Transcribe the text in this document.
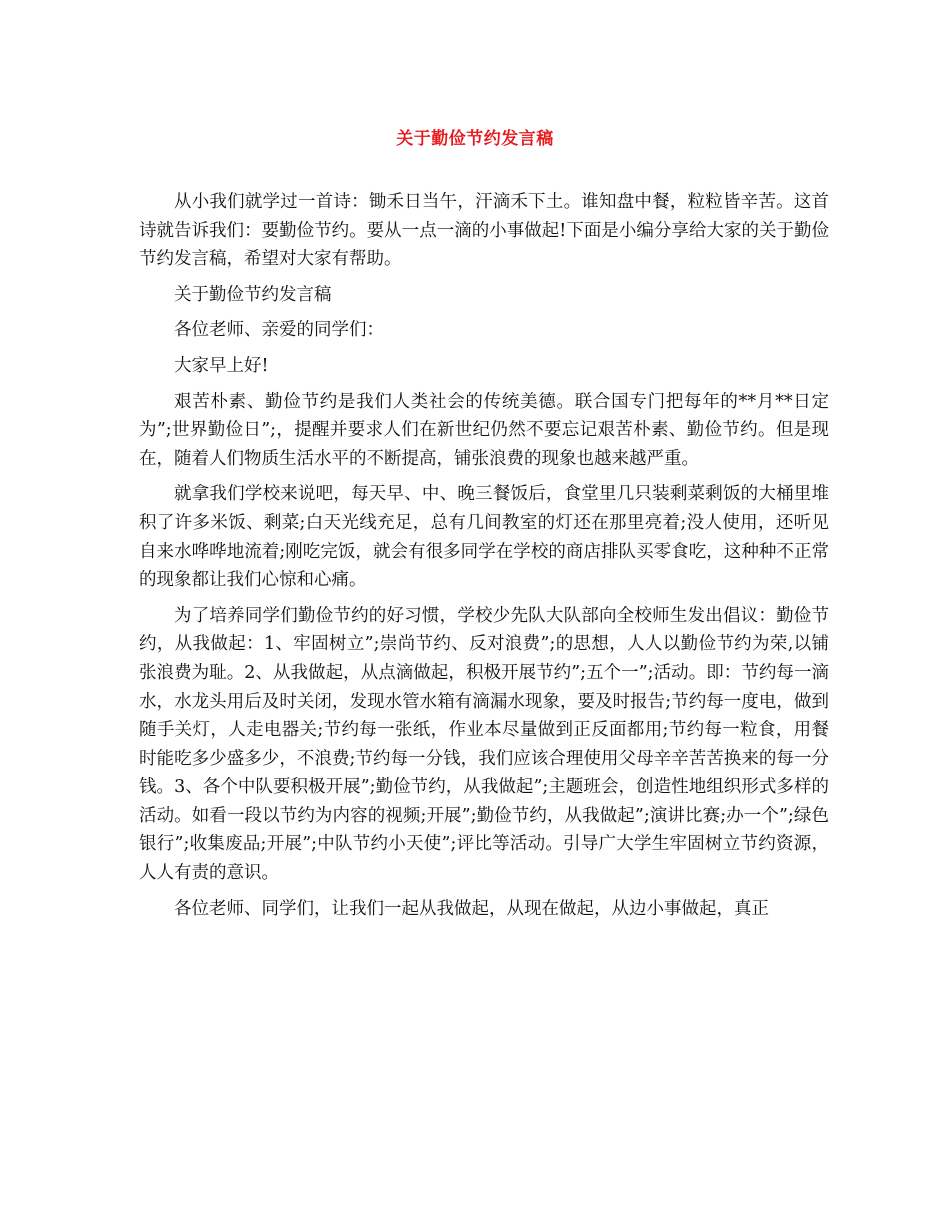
关于勤俭节约发言稿

从小我们就学过一首诗：锄禾日当午，汗滴禾下土。谁知盘中餐，粒粒皆辛苦。这首诗就告诉我们：要勤俭节约。要从一点一滴的小事做起!下面是小编分享给大家的关于勤俭节约发言稿，希望对大家有帮助。

关于勤俭节约发言稿

各位老师、亲爱的同学们：

大家早上好!

艰苦朴素、勤俭节约是我们人类社会的传统美德。联合国专门把每年的**月**日定为”;世界勤俭日”;，提醒并要求人们在新世纪仍然不要忘记艰苦朴素、勤俭节约。但是现在，随着人们物质生活水平的不断提高，铺张浪费的现象也越来越严重。

就拿我们学校来说吧，每天早、中、晚三餐饭后，食堂里几只装剩菜剩饭的大桶里堆积了许多米饭、剩菜;白天光线充足，总有几间教室的灯还在那里亮着;没人使用，还听见自来水哗哗地流着;刚吃完饭，就会有很多同学在学校的商店排队买零食吃，这种种不正常的现象都让我们心惊和心痛。

为了培养同学们勤俭节约的好习惯，学校少先队大队部向全校师生发出倡议：勤俭节约，从我做起：1、牢固树立”;崇尚节约、反对浪费”;的思想，人人以勤俭节约为荣,以铺张浪费为耻。2、从我做起，从点滴做起，积极开展节约”;五个一”;活动。即：节约每一滴水，水龙头用后及时关闭，发现水管水箱有滴漏水现象，要及时报告;节约每一度电，做到随手关灯，人走电器关;节约每一张纸，作业本尽量做到正反面都用;节约每一粒食，用餐时能吃多少盛多少，不浪费;节约每一分钱，我们应该合理使用父母辛辛苦苦换来的每一分钱。3、各个中队要积极开展”;勤俭节约，从我做起”;主题班会，创造性地组织形式多样的活动。如看一段以节约为内容的视频;开展”;勤俭节约，从我做起”;演讲比赛;办一个”;绿色银行”;收集废品;开展”;中队节约小天使”;评比等活动。引导广大学生牢固树立节约资源，人人有责的意识。

各位老师、同学们，让我们一起从我做起，从现在做起，从边小事做起，真正
